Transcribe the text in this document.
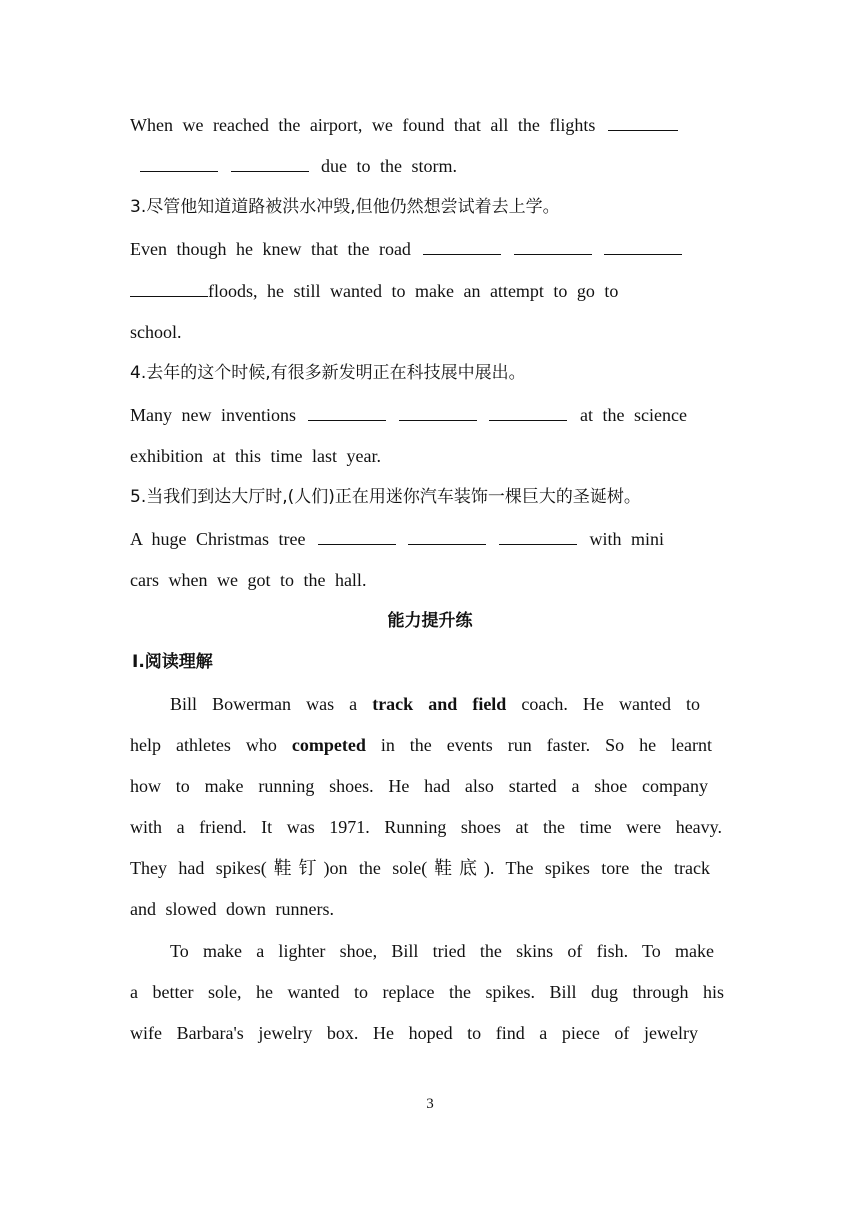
When we reached the airport, we found that all the flights
due to the storm.
3.尽管他知道道路被洪水冲毁,但他仍然想尝试着去上学。
Even though he knew that the road
floods, he still wanted to make an attempt to go to
school.
4.去年的这个时候,有很多新发明正在科技展中展出。
Many new inventions	at the science
exhibition at this time last year.
5.当我们到达大厅时,(人们)正在用迷你汽车装饰一棵巨大的圣诞树。
A huge Christmas tree	with mini
cars when we got to the hall.
能力提升练
Ⅰ.阅读理解
Bill Bowerman was a track and field coach. He wanted to
help athletes who competed in the events run faster. So he learnt
how to make running shoes. He had also started a shoe company
with a friend. It was 1971. Running shoes at the time were heavy.
They had spikes(鞋钉)on the sole(鞋底). The spikes tore the track
and slowed down runners.
To make a lighter shoe, Bill tried the skins of fish. To make
a better sole, he wanted to replace the spikes. Bill dug through his
wife Barbara's jewelry box. He hoped to find a piece of jewelry
3
